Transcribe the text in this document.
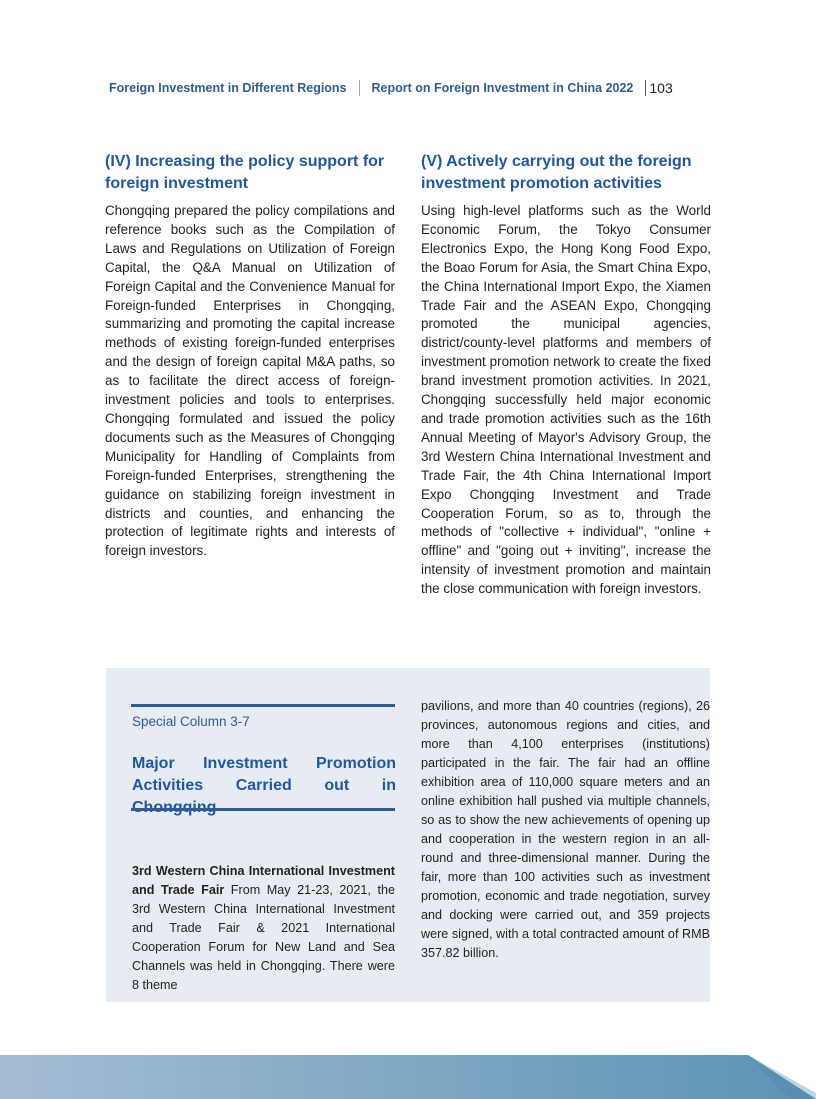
Foreign Investment in Different Regions Report on Foreign Investment in China 2022 103
(IV) Increasing the policy support for foreign investment

Chongqing prepared the policy compilations and reference books such as the Compilation of Laws and Regulations on Utilization of Foreign Capital, the Q&A Manual on Utilization of Foreign Capital and the Convenience Manual for Foreign-funded Enterprises in Chongqing, summarizing and promoting the capital increase methods of existing foreign-funded enterprises and the design of foreign capital M&A paths, so as to facilitate the direct access of foreign-investment policies and tools to enterprises. Chongqing formulated and issued the policy documents such as the Measures of Chongqing Municipality for Handling of Complaints from Foreign-funded Enterprises, strengthening the guidance on stabilizing foreign investment in districts and counties, and enhancing the protection of legitimate rights and interests of foreign investors.

(V) Actively carrying out the foreign investment promotion activities

Using high-level platforms such as the World Economic Forum, the Tokyo Consumer Electronics Expo, the Hong Kong Food Expo, the Boao Forum for Asia, the Smart China Expo, the China International Import Expo, the Xiamen Trade Fair and the ASEAN Expo, Chongqing promoted the municipal agencies, district/county-level platforms and members of investment promotion network to create the fixed brand investment promotion activities. In 2021, Chongqing successfully held major economic and trade promotion activities such as the 16th Annual Meeting of Mayor's Advisory Group, the 3rd Western China International Investment and Trade Fair, the 4th China International Import Expo Chongqing Investment and Trade Cooperation Forum, so as to, through the methods of "collective + individual", "online + offline" and "going out + inviting", increase the intensity of investment promotion and maintain the close communication with foreign investors.

Special Column 3-7
Major Investment Promotion Activities Carried out in
3rd Western China International Investment and Trade Fair From May 21-23, 2021, the 3rd Western China International Investment and Trade Fair & 2021 International Cooperation Forum for New Land and Sea Channels was held in Chongqing. There were 8 theme
pavilions, and more than 40 countries (regions), 26 provinces, autonomous regions and cities, and more than 4,100 enterprises (institutions) participated in the fair. The fair had an offline exhibition area of 110,000 square meters and an online exhibition hall pushed via multiple channels, so as to show the new achievements of opening up and cooperation in the western region in an all-round and three-dimensional manner. During the fair, more than 100 activities such as investment promotion, economic and trade negotiation, survey and docking were carried out, and 359 projects were signed, with a total contracted amount of RMB 357.82 billion.
